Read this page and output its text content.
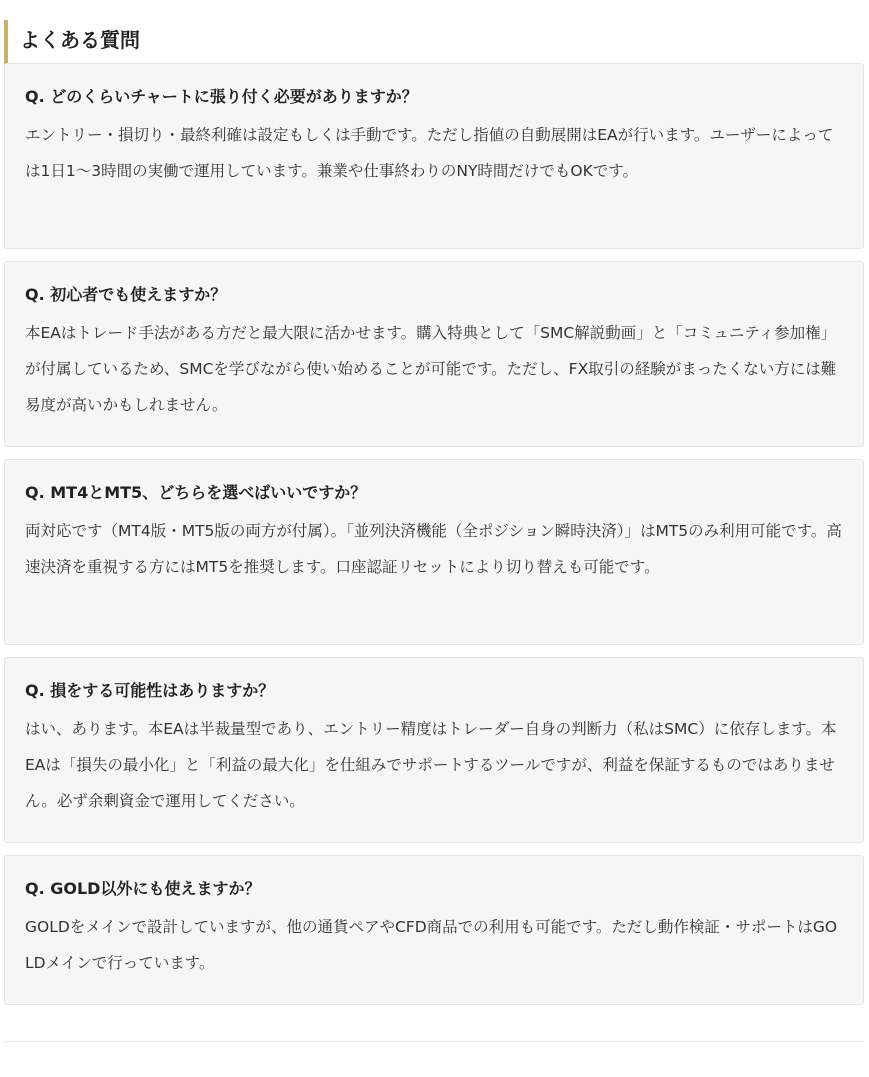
よくある質問

Q. どのくらいチャートに張り付く必要がありますか？

エントリー・損切り・最終利確は設定もしくは手動です。ただし指値の自動展開はEAが行います。ユーザーによっては1日1〜3時間の実働で運用しています。兼業や仕事終わりのNY時間だけでもOKです。

Q. 初心者でも使えますか？

本EAはトレード手法がある方だと最大限に活かせます。購入特典として「SMC解説動画」と「コミュニティ参加権」が付属しているため、SMCを学びながら使い始めることが可能です。ただし、FX取引の経験がまったくない方には難易度が高いかもしれません。

Q. MT4とMT5、どちらを選べばいいですか？

両対応です（MT4版・MT5版の両方が付属）。「並列決済機能（全ポジション瞬時決済）」はMT5のみ利用可能です。高速決済を重視する方にはMT5を推奨します。口座認証リセットにより切り替えも可能です。

Q. 損をする可能性はありますか？

はい、あります。本EAは半裁量型であり、エントリー精度はトレーダー自身の判断力（私はSMC）に依存します。本EAは「損失の最小化」と「利益の最大化」を仕組みでサポートするツールですが、利益を保証するものではありません。必ず余剰資金で運用してください。

Q. GOLD以外にも使えますか？

GOLDをメインで設計していますが、他の通貨ペアやCFD商品での利用も可能です。ただし動作検証・サポートはGOLDメインで行っています。
